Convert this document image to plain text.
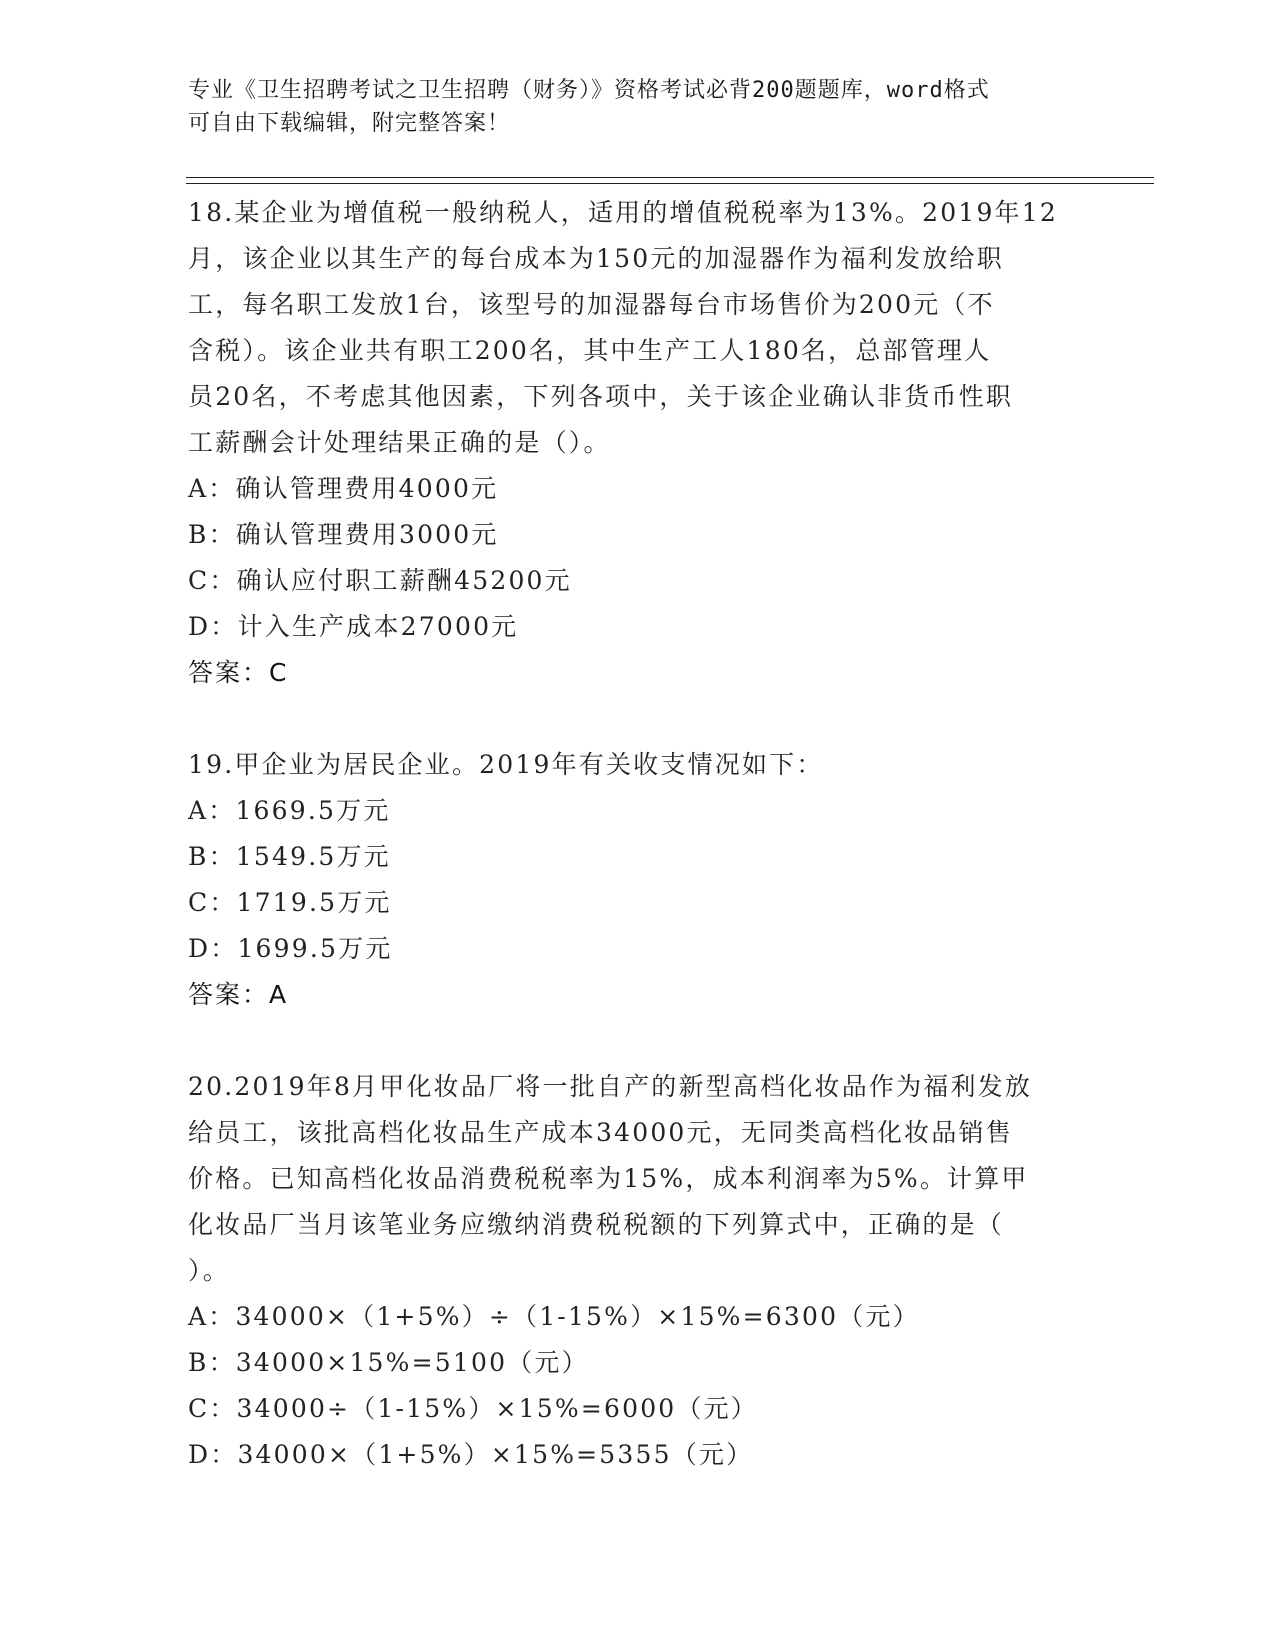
专业《卫生招聘考试之卫生招聘（财务）》资格考试必背200题题库，word格式
可自由下载编辑，附完整答案！
18.某企业为增值税一般纳税人，适用的增值税税率为13%。2019年12
月，该企业以其生产的每台成本为150元的加湿器作为福利发放给职
工，每名职工发放1台，该型号的加湿器每台市场售价为200元（不
含税）。该企业共有职工200名，其中生产工人180名，总部管理人
员20名，不考虑其他因素，下列各项中，关于该企业确认非货币性职
工薪酬会计处理结果正确的是（）。
A：确认管理费用4000元
B：确认管理费用3000元
C：确认应付职工薪酬45200元
D：计入生产成本27000元
答案：C
19.甲企业为居民企业。2019年有关收支情况如下：
A：1669.5万元
B：1549.5万元
C：1719.5万元
D：1699.5万元
答案：A
20.2019年8月甲化妆品厂将一批自产的新型高档化妆品作为福利发放
给员工，该批高档化妆品生产成本34000元，无同类高档化妆品销售
价格。已知高档化妆品消费税税率为15%，成本利润率为5%。计算甲
化妆品厂当月该笔业务应缴纳消费税税额的下列算式中，正确的是（
）。
A：34000×（1+5%）÷（1-15%）×15%=6300（元）
B：34000×15%=5100（元）
C：34000÷（1-15%）×15%=6000（元）
D：34000×（1+5%）×15%=5355（元）
